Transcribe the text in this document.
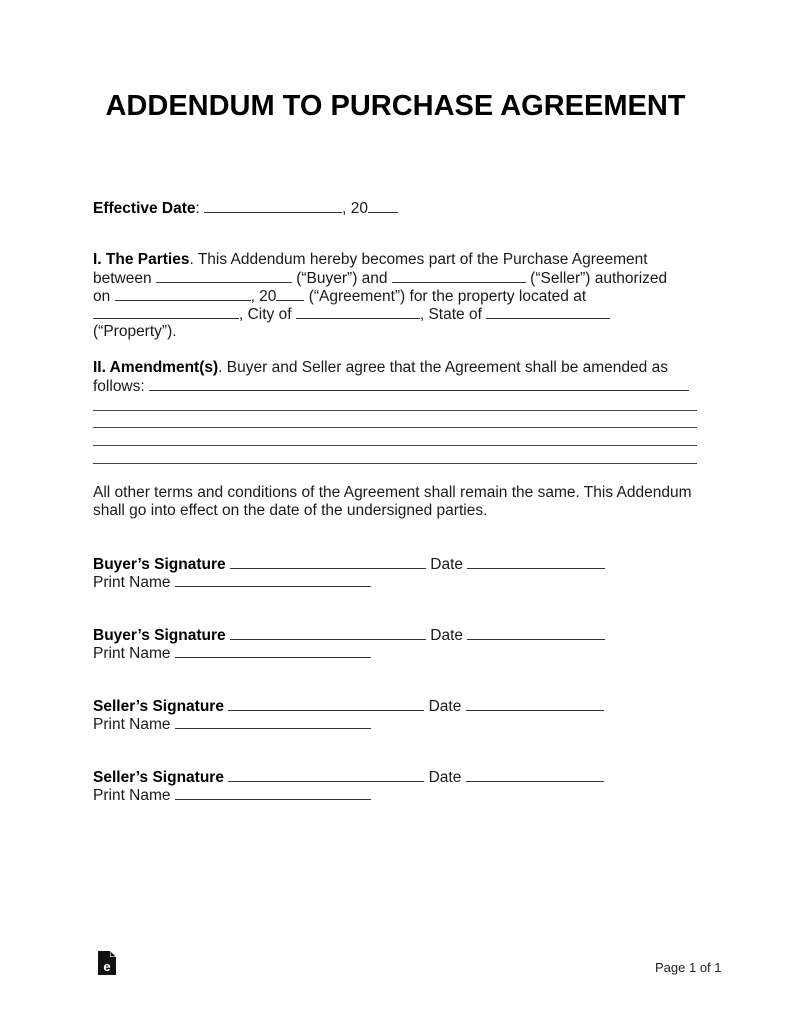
ADDENDUM TO PURCHASE AGREEMENT
Effective Date:	, 20
I. The Parties. This Addendum hereby becomes part of the Purchase Agreement
between	(“Buyer”) and	(“Seller”) authorized
on	, 20 (“Agreement”) for the property located at
, City of	, State of
(“Property”).
II. Amendment(s). Buyer and Seller agree that the Agreement shall be amended as
follows:
All other terms and conditions of the Agreement shall remain the same. This Addendum
shall go into effect on the date of the undersigned parties.
Buyer’s Signature	Date
Print Name
Buyer’s Signature	Date
Print Name
Seller’s Signature	Date
Print Name
Seller’s Signature	Date
Print Name
e	Page 1 of 1
